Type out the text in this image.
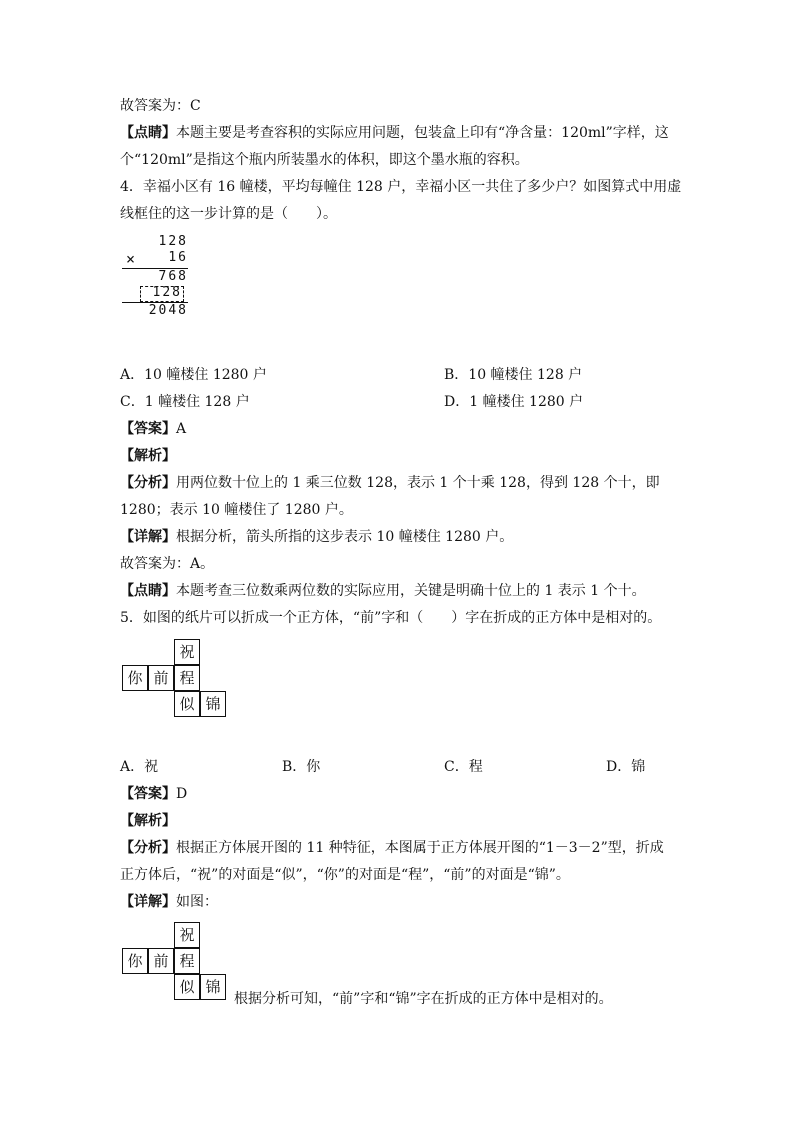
故答案为：C
【点睛】本题主要是考查容积的实际应用问题，包装盒上印有“净含量：120ml”字样，这
个“120ml”是指这个瓶内所装墨水的体积，即这个墨水瓶的容积。
4．幸福小区有 16 幢楼，平均每幢住 128 户，幸福小区一共住了多少户？如图算式中用虚
线框住的这一步计算的是（　　）。
128
×	16
768
128
2048
A．10 幢楼住 1280 户	B．10 幢楼住 128 户
C．1 幢楼住 128 户	D．1 幢楼住 1280 户
【答案】A
【解析】
【分析】用两位数十位上的 1 乘三位数 128，表示 1 个十乘 128，得到 128 个十，即
1280；表示 10 幢楼住了 1280 户。
【详解】根据分析，箭头所指的这步表示 10 幢楼住 1280 户。
故答案为：A。
【点睛】本题考查三位数乘两位数的实际应用，关键是明确十位上的 1 表示 1 个十。
5．如图的纸片可以折成一个正方体，“前”字和（　　）字在折成的正方体中是相对的。
祝
你 前 程
似 锦
A．祝	B．你	C．程	D．锦
【答案】D
【解析】
【分析】根据正方体展开图的 11 种特征，本图属于正方体展开图的“1－3－2”型，折成
正方体后，“祝”的对面是“似”，“你”的对面是“程”，“前”的对面是“锦”。
【详解】如图：
祝
你 前 程
似 锦
根据分析可知，“前”字和“锦”字在折成的正方体中是相对的。
